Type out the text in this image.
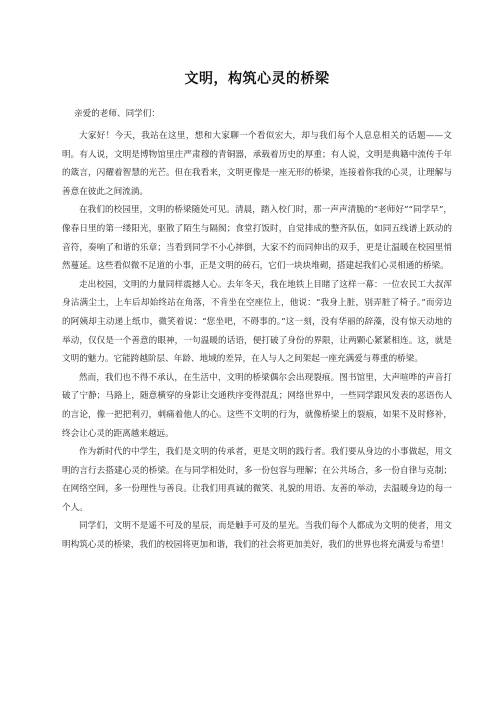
文明，构筑心灵的桥梁

亲爱的老师、同学们：

大家好！今天，我站在这里，想和大家聊一个看似宏大，却与我们每个人息息相关的话题——文明。有人说，文明是博物馆里庄严肃穆的青铜器，承载着历史的厚重；有人说，文明是典籍中流传千年的箴言，闪耀着智慧的光芒。但在我看来，文明更像是一座无形的桥梁，连接着你我的心灵，让理解与善意在彼此之间流淌。

在我们的校园里，文明的桥梁随处可见。清晨，踏入校门时，那一声声清脆的“老师好”“同学早”，像春日里的第一缕阳光，驱散了陌生与隔阂；食堂打饭时，自觉排成的整齐队伍，如同五线谱上跃动的音符，奏响了和谐的乐章；当看到同学不小心摔倒，大家不约而同伸出的双手，更是让温暖在校园里悄然蔓延。这些看似微不足道的小事，正是文明的砖石，它们一块块堆砌，搭建起我们心灵相通的桥梁。

走出校园，文明的力量同样震撼人心。去年冬天，我在地铁上目睹了这样一幕：一位农民工大叔浑身沾满尘土，上车后却始终站在角落，不肯坐在空座位上，他说：“我身上脏，别弄脏了椅子。”而旁边的阿姨却主动递上纸巾，微笑着说：“您坐吧，不碍事的。”这一刻，没有华丽的辞藻，没有惊天动地的举动，仅仅是一个善意的眼神，一句温暖的话语，便打破了身份的界限，让两颗心紧紧相连。这，就是文明的魅力。它能跨越阶层、年龄、地域的差异，在人与人之间架起一座充满爱与尊重的桥梁。

然而，我们也不得不承认，在生活中，文明的桥梁偶尔会出现裂痕。图书馆里，大声喧哗的声音打破了宁静；马路上，随意横穿的身影让交通秩序变得混乱；网络世界中，一些同学跟风发表的恶语伤人的言论，像一把把利刃，刺痛着他人的心。这些不文明的行为，就像桥梁上的裂痕，如果不及时修补，终会让心灵的距离越来越远。

作为新时代的中学生，我们是文明的传承者，更是文明的践行者。我们要从身边的小事做起，用文明的言行去搭建心灵的桥梁。在与同学相处时，多一份包容与理解；在公共场合，多一份自律与克制；在网络空间，多一份理性与善良。让我们用真诚的微笑、礼貌的用语、友善的举动，去温暖身边的每一个人。

同学们，文明不是遥不可及的星辰，而是触手可及的星光。当我们每个人都成为文明的使者，用文明构筑心灵的桥梁，我们的校园将更加和谐，我们的社会将更加美好，我们的世界也将充满爱与希望！
